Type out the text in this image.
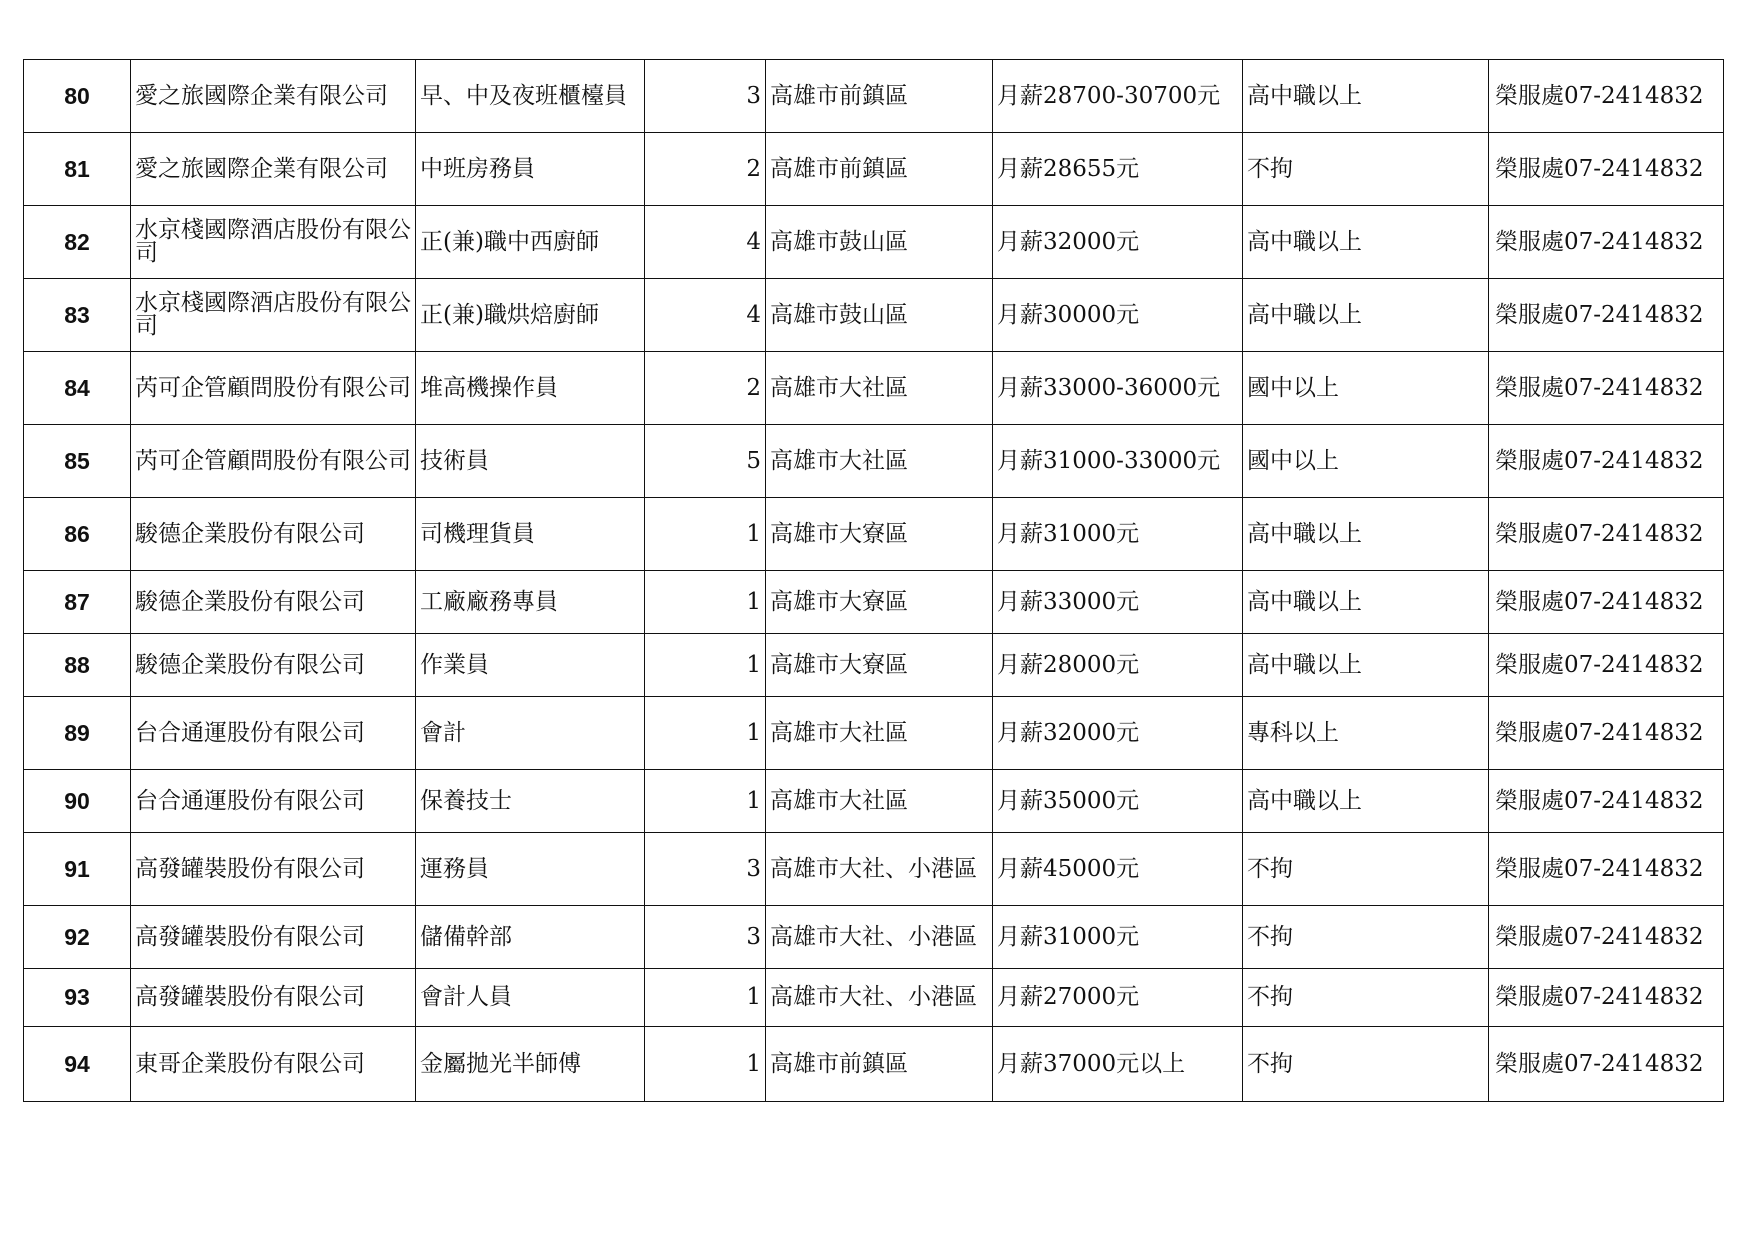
80	愛之旅國際企業有限公司	早、中及夜班櫃檯員	3	高雄市前鎮區	月薪28700-30700元	高中職以上	榮服處07-2414832
81	愛之旅國際企業有限公司	中班房務員	2	高雄市前鎮區	月薪28655元	不拘	榮服處07-2414832
82	水京棧國際酒店股份有限公司	正(兼)職中西廚師	4	高雄市鼓山區	月薪32000元	高中職以上	榮服處07-2414832
83	水京棧國際酒店股份有限公司	正(兼)職烘焙廚師	4	高雄市鼓山區	月薪30000元	高中職以上	榮服處07-2414832
84	芮可企管顧問股份有限公司	堆高機操作員	2	高雄市大社區	月薪33000-36000元	國中以上	榮服處07-2414832
85	芮可企管顧問股份有限公司	技術員	5	高雄市大社區	月薪31000-33000元	國中以上	榮服處07-2414832
86	駿德企業股份有限公司	司機理貨員	1	高雄市大寮區	月薪31000元	高中職以上	榮服處07-2414832
87	駿德企業股份有限公司	工廠廠務專員	1	高雄市大寮區	月薪33000元	高中職以上	榮服處07-2414832
88	駿德企業股份有限公司	作業員	1	高雄市大寮區	月薪28000元	高中職以上	榮服處07-2414832
89	台合通運股份有限公司	會計	1	高雄市大社區	月薪32000元	專科以上	榮服處07-2414832
90	台合通運股份有限公司	保養技士	1	高雄市大社區	月薪35000元	高中職以上	榮服處07-2414832
91	高發罐裝股份有限公司	運務員	3	高雄市大社、小港區	月薪45000元	不拘	榮服處07-2414832
92	高發罐裝股份有限公司	儲備幹部	3	高雄市大社、小港區	月薪31000元	不拘	榮服處07-2414832
93	高發罐裝股份有限公司	會計人員	1	高雄市大社、小港區	月薪27000元	不拘	榮服處07-2414832
94	東哥企業股份有限公司	金屬拋光半師傅	1	高雄市前鎮區	月薪37000元以上	不拘	榮服處07-2414832
